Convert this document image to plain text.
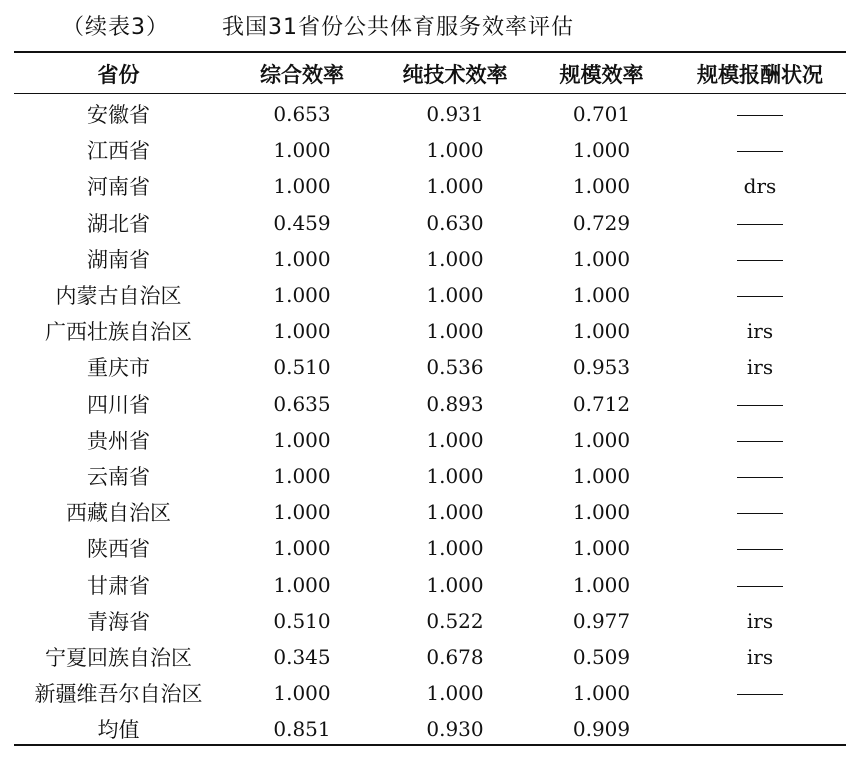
（续表3） 我国31省份公共体育服务效率评估
省份	综合效率	纯技术效率	规模效率	规模报酬状况
安徽省	0.653	0.931	0.701	
江西省	1.000	1.000	1.000	
河南省	1.000	1.000	1.000	drs
湖北省	0.459	0.630	0.729	
湖南省	1.000	1.000	1.000	
内蒙古自治区	1.000	1.000	1.000	
广西壮族自治区	1.000	1.000	1.000	irs
重庆市	0.510	0.536	0.953	irs
四川省	0.635	0.893	0.712	
贵州省	1.000	1.000	1.000	
云南省	1.000	1.000	1.000	
西藏自治区	1.000	1.000	1.000	
陕西省	1.000	1.000	1.000	
甘肃省	1.000	1.000	1.000	
青海省	0.510	0.522	0.977	irs
宁夏回族自治区	0.345	0.678	0.509	irs
新疆维吾尔自治区	1.000	1.000	1.000	
均值	0.851	0.930	0.909	
